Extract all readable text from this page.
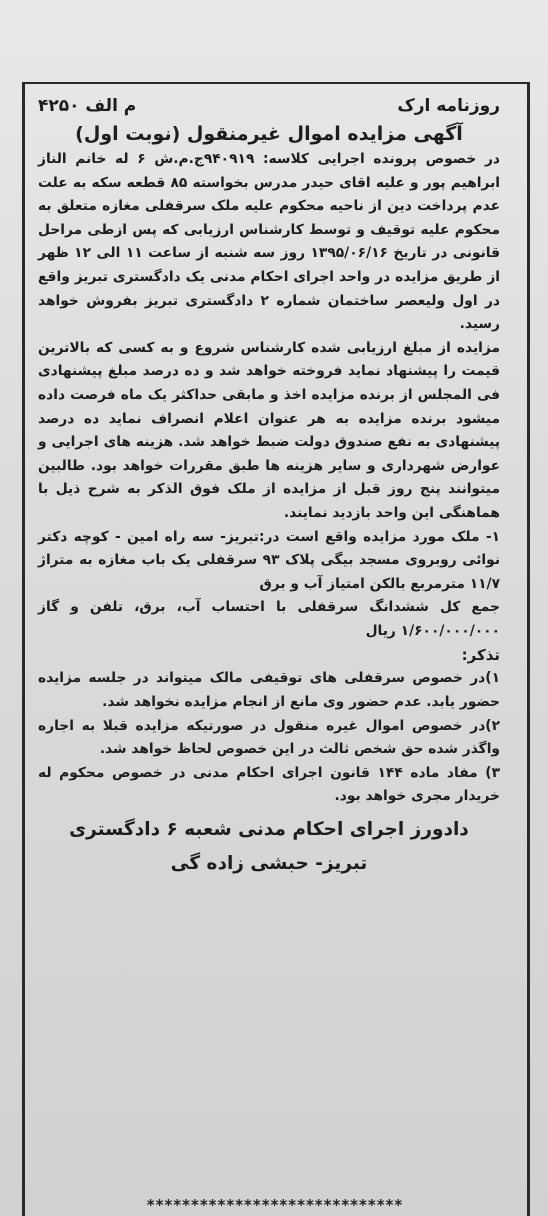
روزنامه ارک
م الف ۴۲۵۰
آگهی مزایده اموال غیرمنقول (نوبت اول)

در خصوص پرونده اجرایی کلاسه: ۹۴۰۹۱۹ج.م.ش ۶ له خانم الناز ابراهیم پور و علیه اقای حیدر مدرس بخواسته ۸۵ قطعه سکه به علت عدم پرداخت دین از ناحیه محکوم علیه ملک سرقفلی مغازه متعلق به محکوم علیه توقیف و توسط کارشناس ارزیابی که پس ازطی مراحل قانونی در تاریخ ۱۳۹۵/۰۶/۱۶ روز سه شنبه از ساعت ۱۱ الی ۱۲ ظهر از طریق مزایده در واحد اجرای احکام مدنی یک دادگستری تبریز واقع در اول ولیعصر ساختمان شماره ۲ دادگستری تبریز بفروش خواهد رسید.

مزایده از مبلغ ارزیابی شده کارشناس شروع و به کسی که بالاترین قیمت را پیشنهاد نماید فروخته خواهد شد و ده درصد مبلغ پیشنهادی فی المجلس از برنده مزایده اخذ و مابقی حداکثر یک ماه فرصت داده میشود برنده مزایده به هر عنوان اعلام انصراف نماید ده درصد پیشنهادی به نفع صندوق دولت ضبط خواهد شد. هزینه های اجرایی و عوارض شهرداری و سایر هزینه ها طبق مقررات خواهد بود. طالبین میتوانند پنج روز قبل از مزایده از ملک فوق الذکر به شرح ذیل با هماهنگی این واحد بازدید نمایند.

۱- ملک مورد مزایده واقع است در:تبریز- سه راه امین - کوچه دکتر نوائی روبروی مسجد بیگی پلاک ۹۳ سرقفلی یک باب مغازه به متراژ ۱۱/۷ مترمربع بالکن امتیاز آب و برق

جمع کل ششدانگ سرقفلی با احتساب آب، برق، تلفن و گاز ۱/۶۰۰/۰۰۰/۰۰۰ ریال

تذکر:

۱)در خصوص سرقفلی های توقیفی مالک میتواند در جلسه مزایده حضور یابد. عدم حضور وی مانع از انجام مزایده نخواهد شد.

۲)در خصوص اموال غیره منقول در صورتیکه مزایده قبلا به اجاره واگذر شده حق شخص ثالث در این خصوص لحاظ خواهد شد.

۳) مفاد ماده ۱۴۴ قانون اجرای احکام مدنی در خصوص محکوم له خریدار مجری خواهد بود.

دادورز اجرای احکام مدنی شعبه ۶ دادگستری
تبریز- حبشی زاده گی
*****************************
